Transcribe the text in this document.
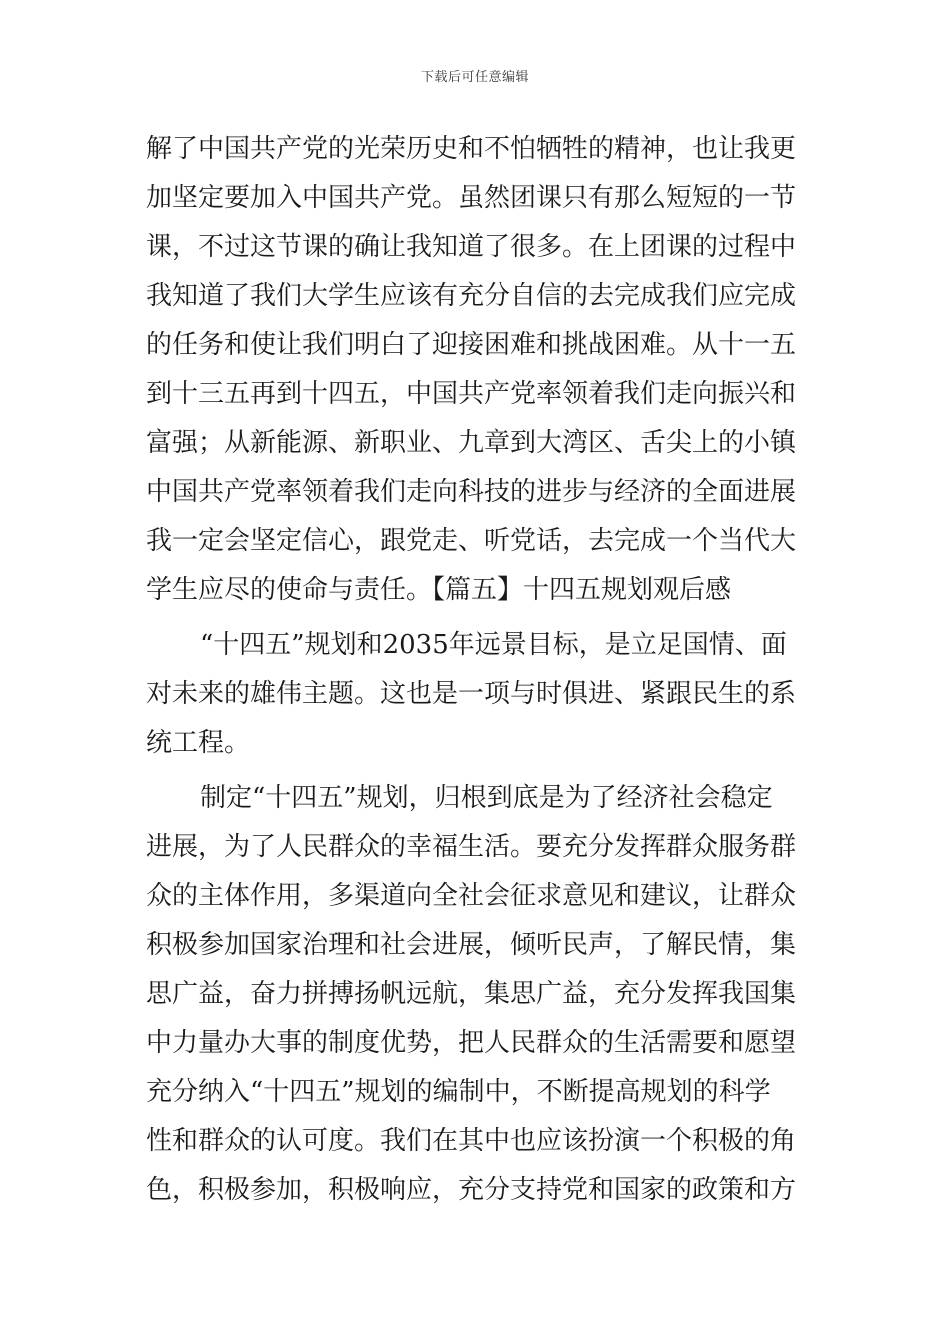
下载后可任意编辑
解了中国共产党的光荣历史和不怕牺牲的精神，也让我更
加坚定要加入中国共产党。虽然团课只有那么短短的一节
课，不过这节课的确让我知道了很多。在上团课的过程中
我知道了我们大学生应该有充分自信的去完成我们应完成
的任务和使让我们明白了迎接困难和挑战困难。从十一五
到十三五再到十四五，中国共产党率领着我们走向振兴和
富强；从新能源、新职业、九章到大湾区、舌尖上的小镇
中国共产党率领着我们走向科技的进步与经济的全面进展
我一定会坚定信心，跟党走、听党话，去完成一个当代大
学生应尽的使命与责任。【篇五】十四五规划观后感
“十四五”规划和2035年远景目标，是立足国情、面
对未来的雄伟主题。这也是一项与时俱进、紧跟民生的系
统工程。
制定“十四五”规划，归根到底是为了经济社会稳定
进展，为了人民群众的幸福生活。要充分发挥群众服务群
众的主体作用，多渠道向全社会征求意见和建议，让群众
积极参加国家治理和社会进展，倾听民声，了解民情，集
思广益，奋力拼搏扬帆远航，集思广益，充分发挥我国集
中力量办大事的制度优势，把人民群众的生活需要和愿望
充分纳入“十四五”规划的编制中，不断提高规划的科学
性和群众的认可度。我们在其中也应该扮演一个积极的角
色，积极参加，积极响应，充分支持党和国家的政策和方
